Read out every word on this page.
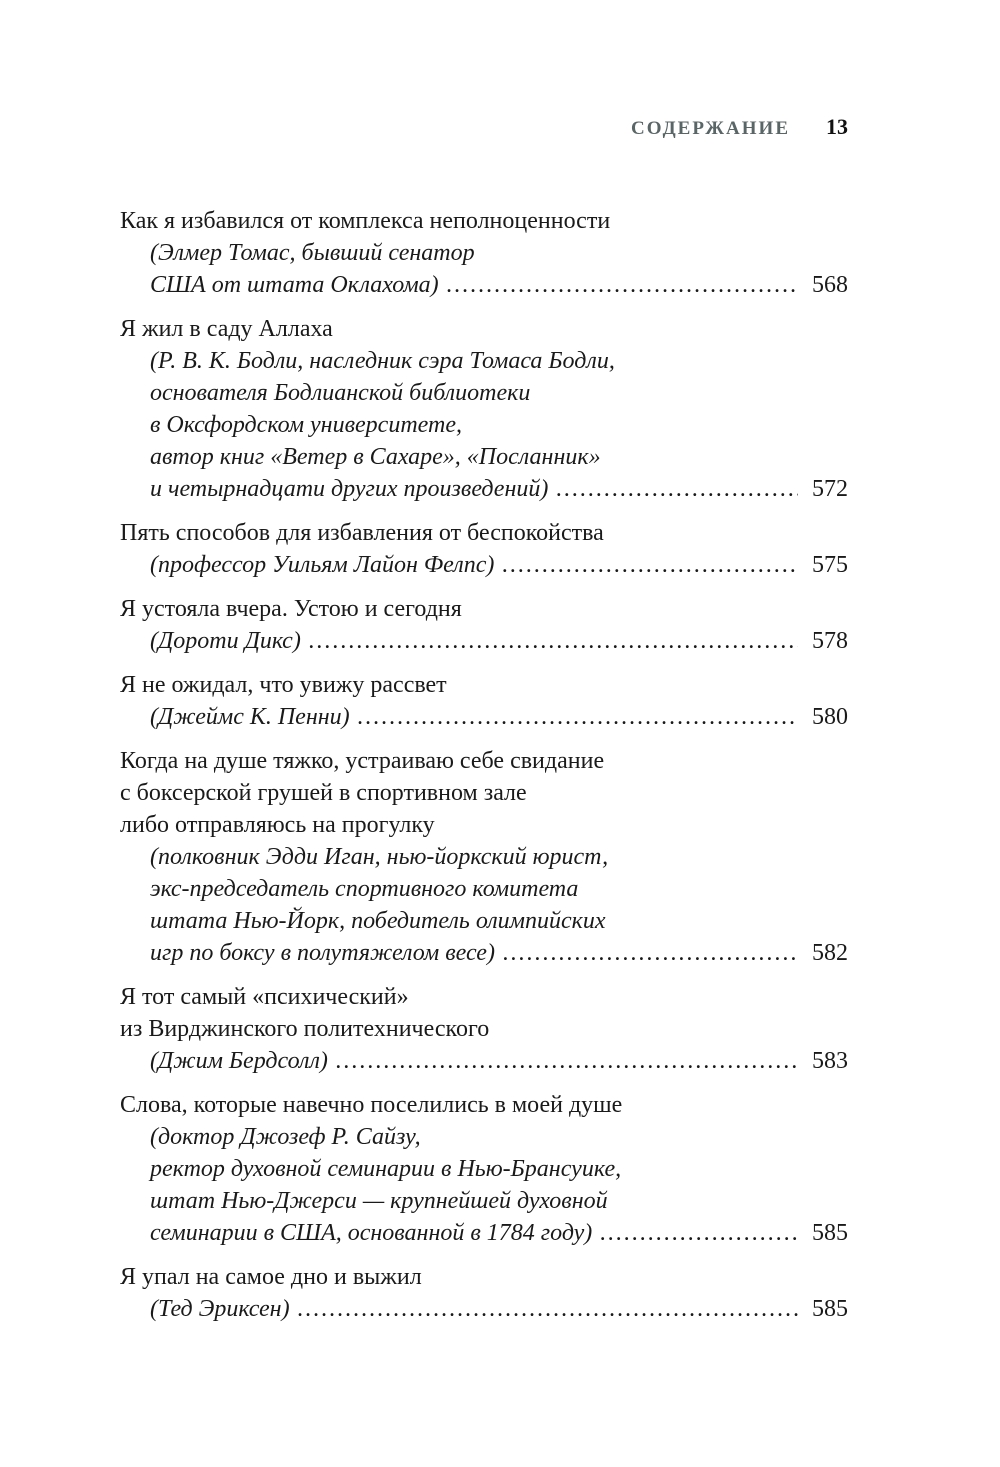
СОДЕРЖАНИЕ 13
Как я избавился от комплекса неполноценности
(Элмер Томас, бывший сенатор
США от штата Оклахома) . . .	568
Я жил в саду Аллаха
(Р. В. К. Бодли, наследник сэра Томаса Бодли,
основателя Бодлианской библиотеки
в Оксфордском университете,
автор книг «Ветер в Сахаре», «Посланник»
и четырнадцати других произведений) . . .	572
Пять способов для избавления от беспокойства
(профессор Уильям Лайон Фелпс) . . .	575
Я устояла вчера. Устою и сегодня
(Дороти Дикс) . . .	578
Я не ожидал, что увижу рассвет
(Джеймс К. Пенни) . . .	580
Когда на душе тяжко, устраиваю себе свидание
с боксерской грушей в спортивном зале
либо отправляюсь на прогулку
(полковник Эдди Иган, нью-йоркский юрист,
экс-председатель спортивного комитета
штата Нью-Йорк, победитель олимпийских
игр по боксу в полутяжелом весе) . . .	582
Я тот самый «психический»
из Вирджинского политехнического
(Джим Бердсолл) . . .	583
Слова, которые навечно поселились в моей душе
(доктор Джозеф Р. Сайзу,
ректор духовной семинарии в Нью-Брансуике,
штат Нью-Джерси — крупнейшей духовной
семинарии в США, основанной в 1784 году) . . .	585
Я упал на самое дно и выжил
(Тед Эриксен) . . .	585
